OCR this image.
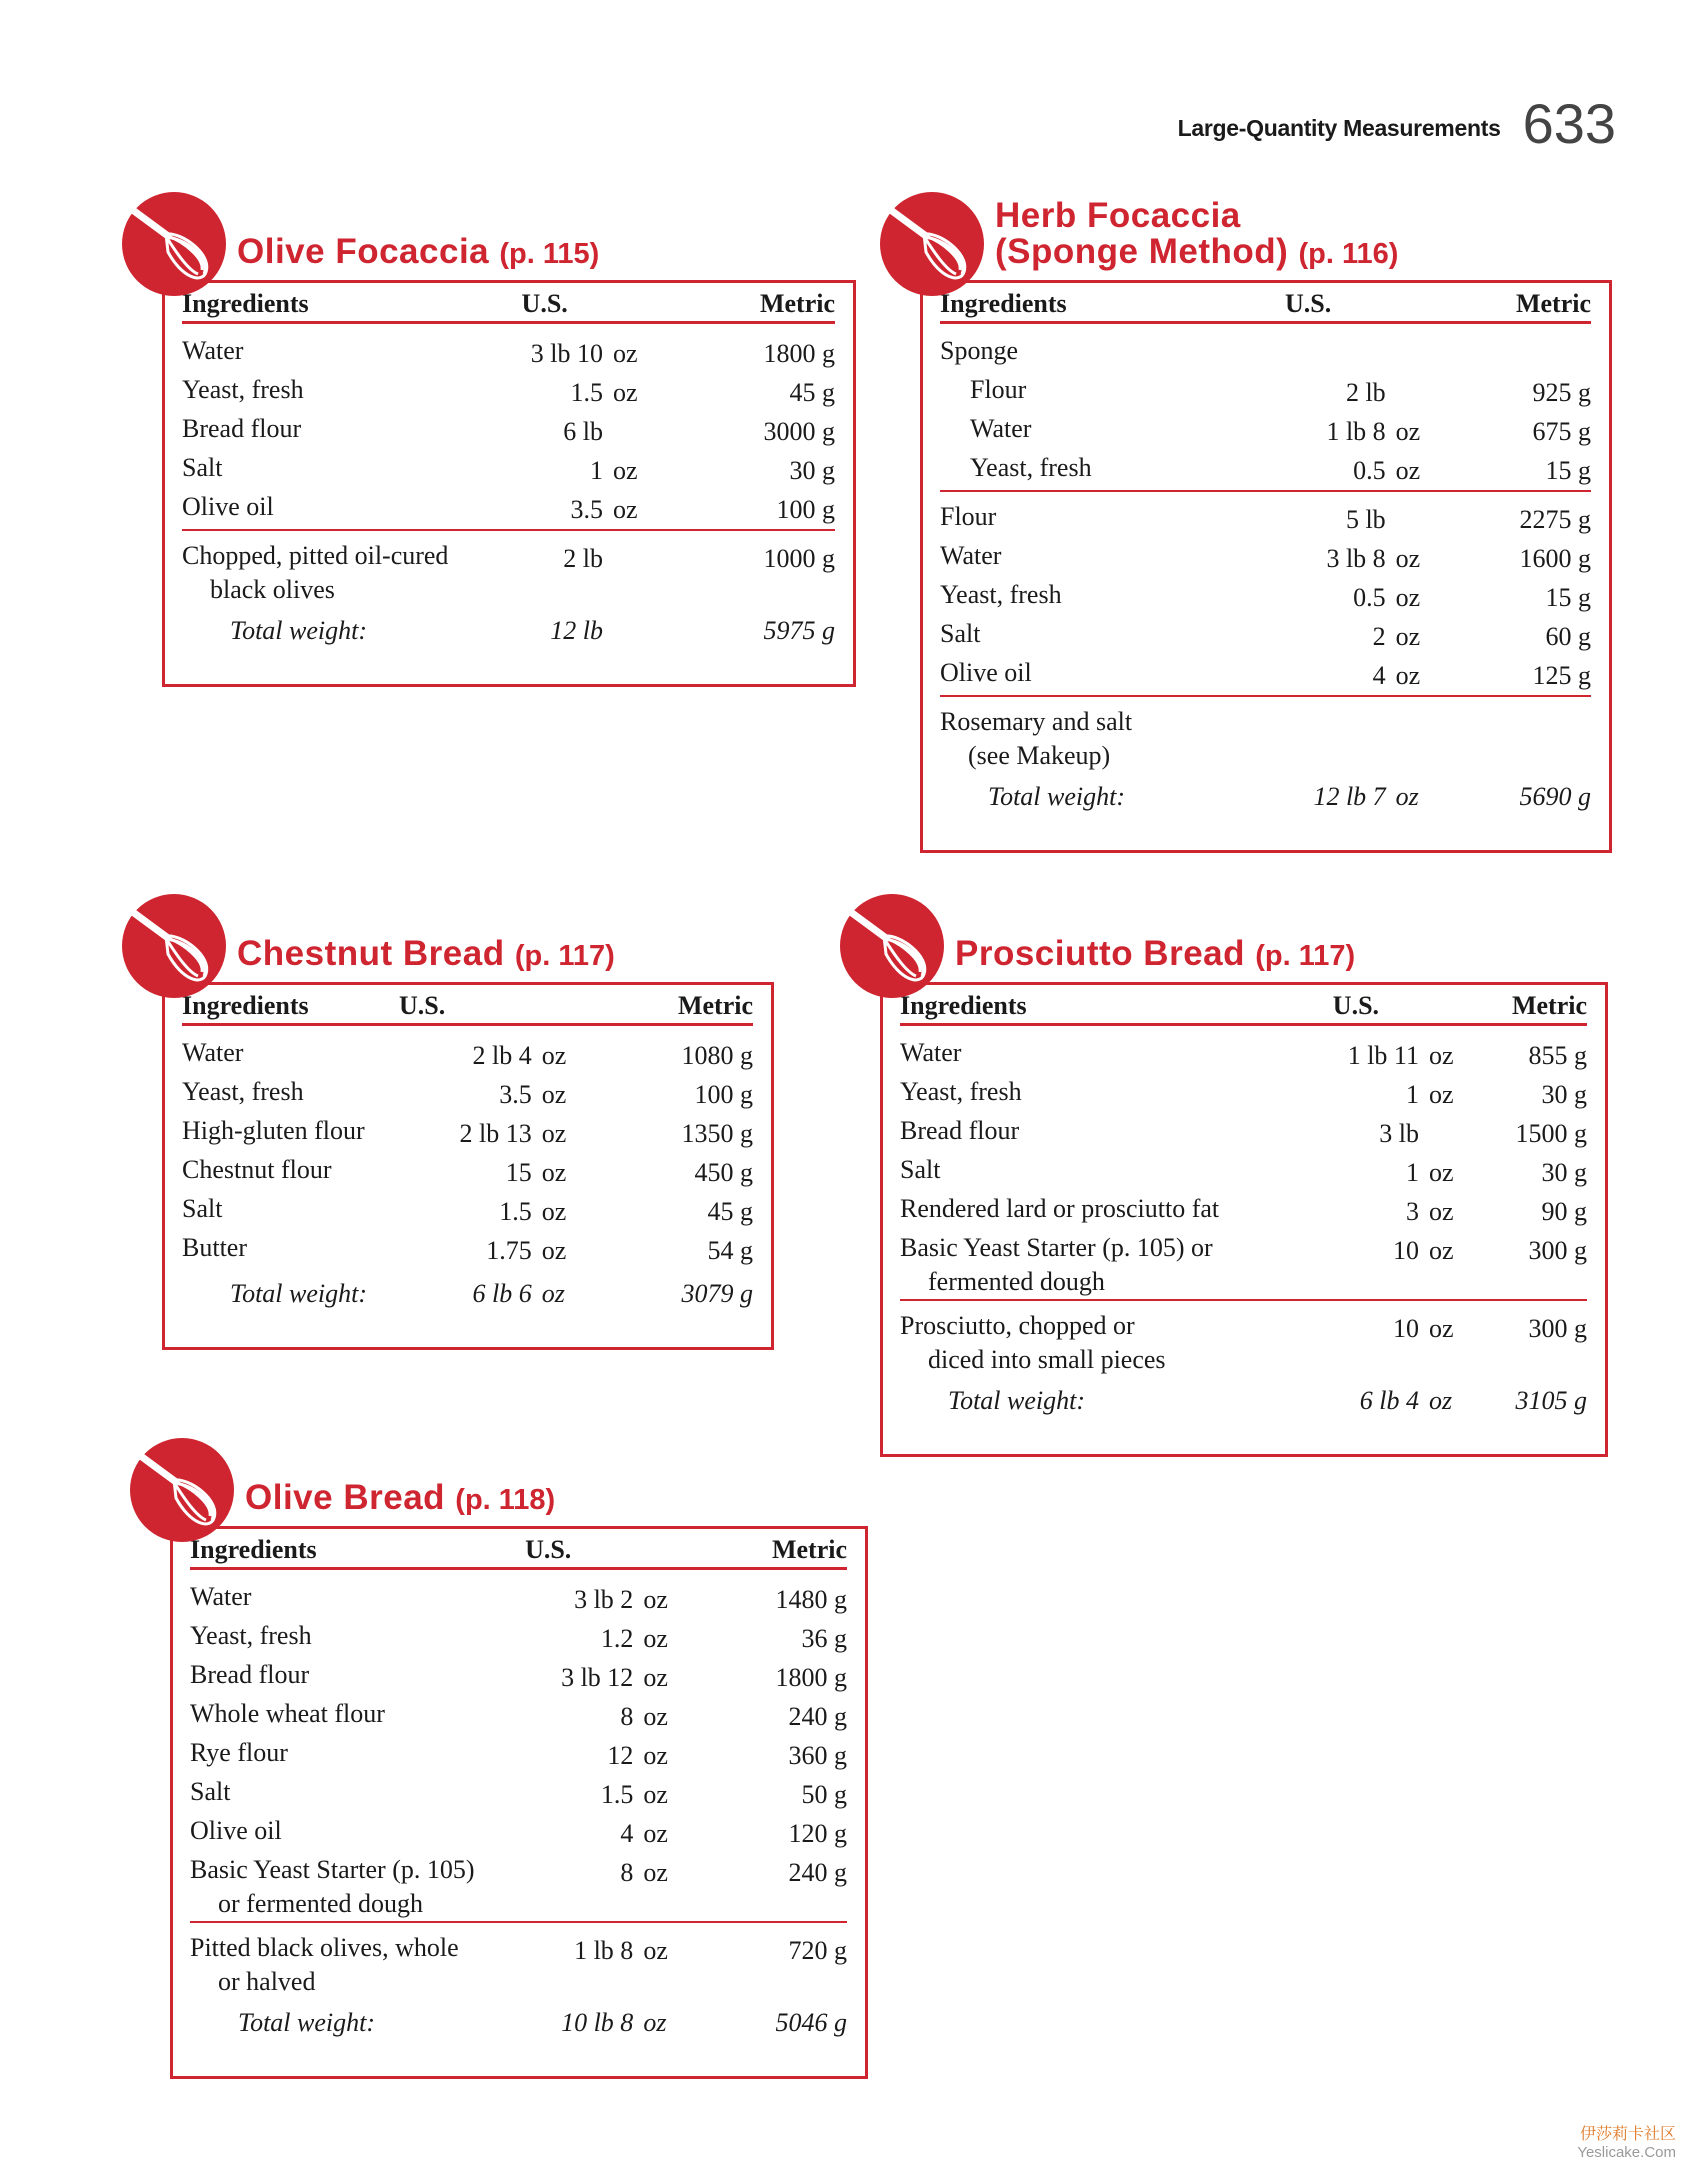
Large-Quantity Measurements 633
Olive Focaccia (p. 115)
Ingredients	U.S.		Metric
Water	3 lb 10	oz	1800 g
Yeast, fresh	1.5	oz	45 g
Bread flour	6 lb		3000 g
Salt	1	oz	30 g
Olive oil	3.5	oz	100 g
Chopped, pitted oil-cured
black olives	2 lb		1000 g
Total weight:	12 lb		5975 g
Herb Focaccia
(Sponge Method) (p. 116)
Ingredients	U.S.		Metric
Sponge			
Flour	2 lb		925 g
Water	1 lb 8	oz	675 g
Yeast, fresh	0.5	oz	15 g
Flour	5 lb		2275 g
Water	3 lb 8	oz	1600 g
Yeast, fresh	0.5	oz	15 g
Salt	2	oz	60 g
Olive oil	4	oz	125 g
Rosemary and salt
(see Makeup)			

Total weight:	12 lb 7	oz	5690 g
Chestnut Bread (p. 117)
Ingredients	U.S.		Metric
Water	2 lb 4	oz	1080 g
Yeast, fresh	3.5	oz	100 g
High-gluten flour	2 lb 13	oz	1350 g
Chestnut flour	15	oz	450 g
Salt	1.5	oz	45 g
Butter	1.75	oz	54 g
Total weight:	6 lb 6	oz	3079 g
Prosciutto Bread (p. 117)
Ingredients	U.S.		Metric
Water	1 lb 11	oz	855 g
Yeast, fresh	1	oz	30 g
Bread flour	3 lb		1500 g
Salt	1	oz	30 g
Rendered lard or prosciutto fat	3	oz	90 g
Basic Yeast Starter (p. 105) or
fermented dough	10	oz	300 g
Prosciutto, chopped or
diced into small pieces	10	oz	300 g
Total weight:	6 lb 4	oz	3105 g
Olive Bread (p. 118)
Ingredients	U.S.		Metric
Water	3 lb 2	oz	1480 g
Yeast, fresh	1.2	oz	36 g
Bread flour	3 lb 12	oz	1800 g
Whole wheat flour	8	oz	240 g
Rye flour	12	oz	360 g
Salt	1.5	oz	50 g
Olive oil	4	oz	120 g
Basic Yeast Starter (p. 105)
or fermented dough	8	oz	240 g
Pitted black olives, whole
or halved	1 lb 8	oz	720 g
Total weight:	10 lb 8	oz	5046 g
伊莎莉卡社区
Yeslicake.Com
